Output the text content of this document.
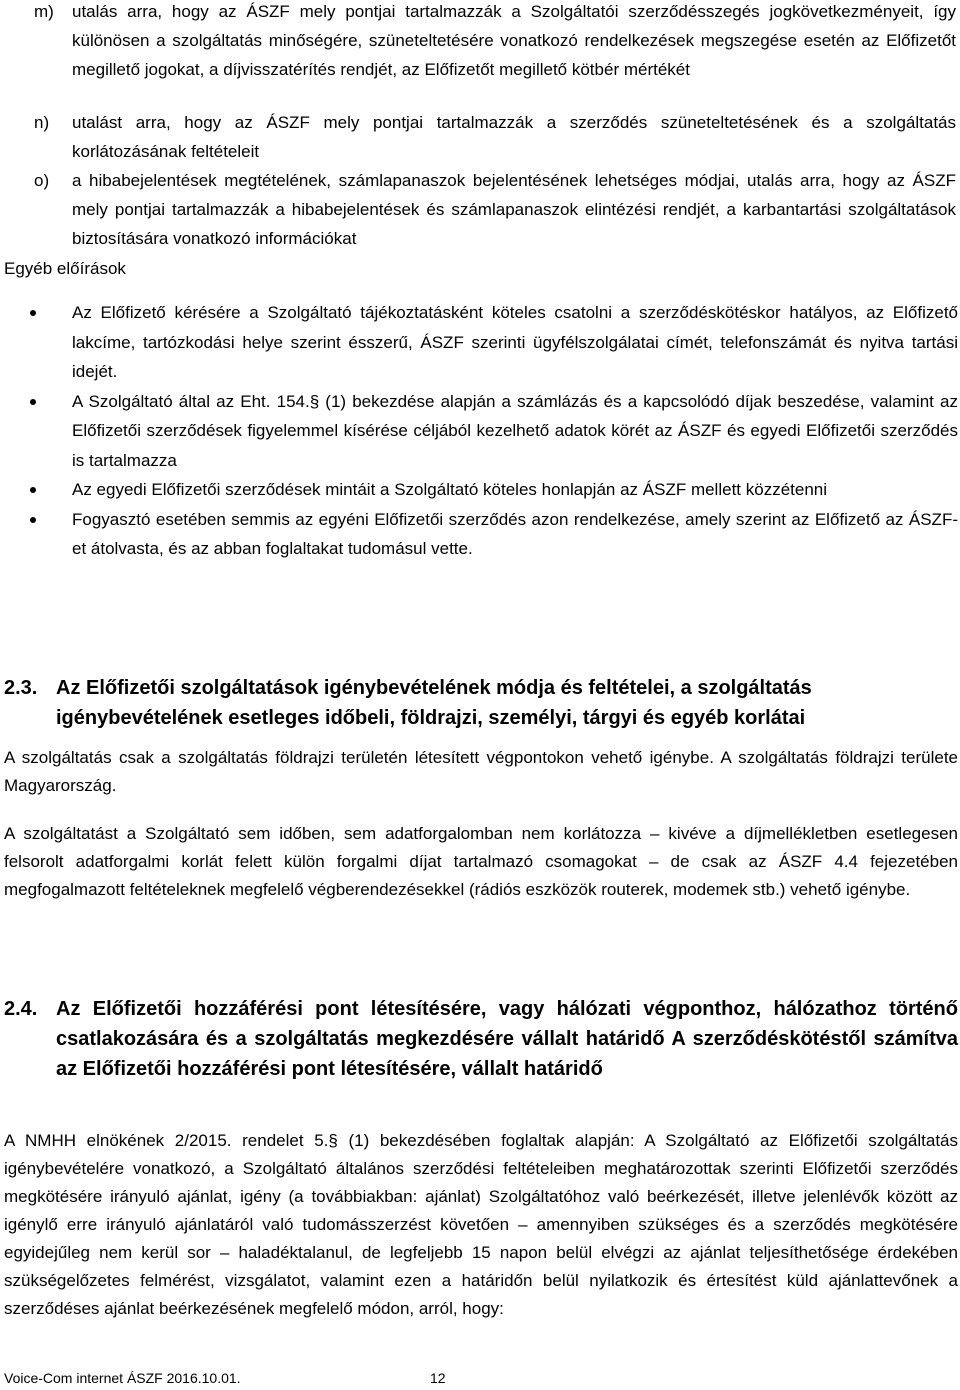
m)	utalás arra, hogy az ÁSZF mely pontjai tartalmazzák a Szolgáltatói szerződésszegés jogkövetkezményeit, így különösen a szolgáltatás minőségére, szüneteltetésére vonatkozó rendelkezések megszegése esetén az Előfizetőt megillető jogokat, a díjvisszatérítés rendjét, az Előfizetőt megillető kötbér mértékét
n)	utalást arra, hogy az ÁSZF mely pontjai tartalmazzák a szerződés szüneteltetésének és a szolgáltatás korlátozásának feltételeit
o)	a hibabejelentések megtételének, számlapanaszok bejelentésének lehetséges módjai, utalás arra, hogy az ÁSZF mely pontjai tartalmazzák a hibabejelentések és számlapanaszok elintézési rendjét, a karbantartási szolgáltatások biztosítására vonatkozó információkat
Egyéb előírások
Az Előfizető kérésére a Szolgáltató tájékoztatásként köteles csatolni a szerződéskötéskor hatályos, az Előfizető lakcíme, tartózkodási helye szerint ésszerű, ÁSZF szerinti ügyfélszolgálatai címét, telefonszámát és nyitva tartási idejét.
A Szolgáltató által az Eht. 154.§ (1) bekezdése alapján a számlázás és a kapcsolódó díjak beszedése, valamint az Előfizetői szerződések figyelemmel kísérése céljából kezelhető adatok körét az ÁSZF és egyedi Előfizetői szerződés is tartalmazza
Az egyedi Előfizetői szerződések mintáit a Szolgáltató köteles honlapján az ÁSZF mellett közzétenni
Fogyasztó esetében semmis az egyéni Előfizetői szerződés azon rendelkezése, amely szerint az Előfizető az ÁSZF-et átolvasta, és az abban foglaltakat tudomásul vette.
2.3. Az Előfizetői szolgáltatások igénybevételének módja és feltételei, a szolgáltatás igénybevételének esetleges időbeli, földrajzi, személyi, tárgyi és egyéb korlátai
A szolgáltatás csak a szolgáltatás földrajzi területén létesített végpontokon vehető igénybe. A szolgáltatás földrajzi területe Magyarország.
A szolgáltatást a Szolgáltató sem időben, sem adatforgalomban nem korlátozza – kivéve a díjmellékletben esetlegesen felsorolt adatforgalmi korlát felett külön forgalmi díjat tartalmazó csomagokat – de csak az ÁSZF 4.4 fejezetében megfogalmazott feltételeknek megfelelő végberendezésekkel (rádiós eszközök routerek, modemek stb.) vehető igénybe.
2.4. Az Előfizetői hozzáférési pont létesítésére, vagy hálózati végponthoz, hálózathoz történő csatlakozására és a szolgáltatás megkezdésére vállalt határidő A szerződéskötéstől számítva az Előfizetői hozzáférési pont létesítésére, vállalt határidő
A NMHH elnökének 2/2015. rendelet 5.§ (1) bekezdésében foglaltak alapján: A Szolgáltató az Előfizetői szolgáltatás igénybevételére vonatkozó, a Szolgáltató általános szerződési feltételeiben meghatározottak szerinti Előfizetői szerződés megkötésére irányuló ajánlat, igény (a továbbiakban: ajánlat) Szolgáltatóhoz való beérkezését, illetve jelenlévők között az igénylő erre irányuló ajánlatáról való tudomásszerzést követően – amennyiben szükséges és a szerződés megkötésére egyidejűleg nem kerül sor – haladéktalanul, de legfeljebb 15 napon belül elvégzi az ajánlat teljesíthetősége érdekében szükségelőzetes felmérést, vizsgálatot, valamint ezen a határidőn belül nyilatkozik és értesítést küld ajánlattevőnek a szerződéses ajánlat beérkezésének megfelelő módon, arról, hogy:
Voice-Com internet ÁSZF 2016.10.01.	12
